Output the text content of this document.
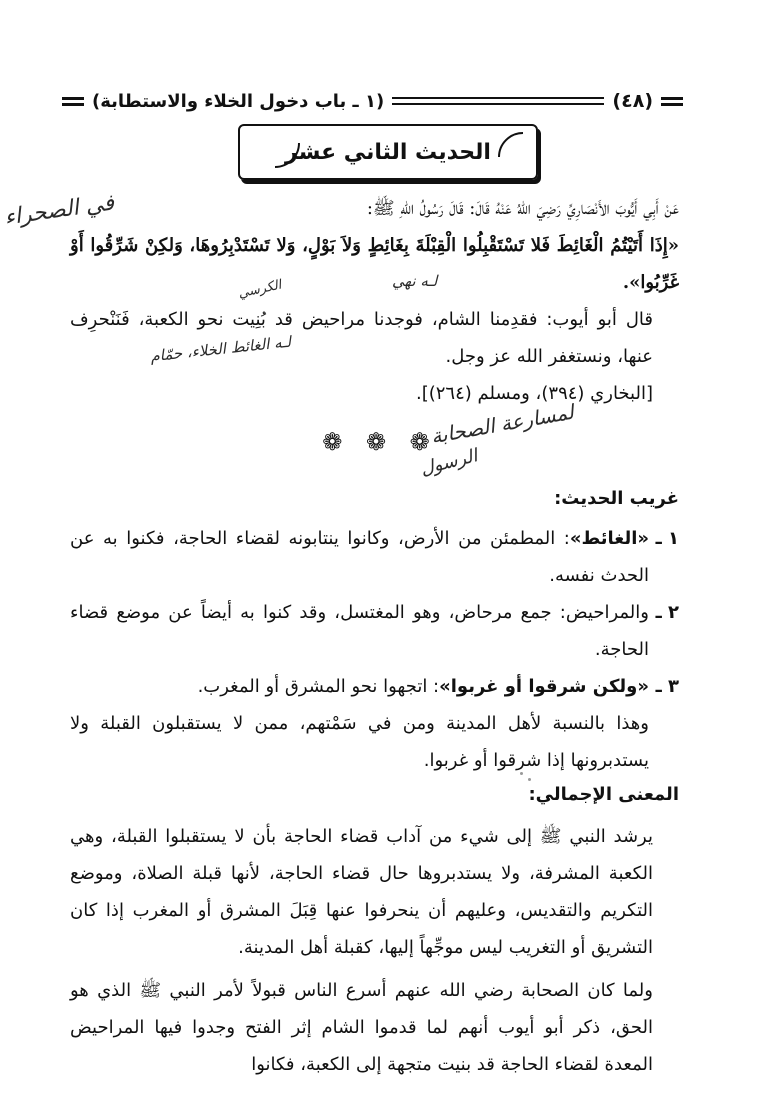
(٤٨)
(١ ـ باب دخول الخلاء والاستطابة)
الحديث الثاني عشر
عَنْ أَبِي أَيُّوبَ الأَنْصَارِيِّ رَضِيَ اللهُ عَنْهُ قَالَ: قَالَ رَسُولُ اللهِ ﷺ:
«إِذَا أَتَيْتُمُ الْغَائِطَ فَلا تَسْتَقْبِلُوا الْقِبْلَةَ بِغَائِطٍ وَلاَ بَوْلٍ، وَلا تَسْتَدْبِرُوهَا، وَلكِنْ شَرِّقُوا أَوْ غَرِّبُوا».
قال أبو أيوب: فقدِمنا الشام، فوجدنا مراحيض قد بُنِيت نحو الكعبة، فَنَنْحرِف عنها، ونستغفر الله عز وجل.
[البخاري (٣٩٤)، ومسلم (٢٦٤)].
❁ ❁ ❁
غريب الحديث:
١ ـ
«الغائط»: المطمئن من الأرض، وكانوا ينتابونه لقضاء الحاجة، فكنوا به عن الحدث نفسه.
٢ ـ
والمراحيض: جمع مرحاض، وهو المغتسل، وقد كنوا به أيضاً عن موضع قضاء الحاجة.
٣ ـ
«ولكن شرقوا أو غربوا»: اتجهوا نحو المشرق أو المغرب.
وهذا بالنسبة لأهل المدينة ومن في سَمْتهم، ممن لا يستقبلون القبلة ولا يستدبرونها إذا شرقوا أو غربوا.
المعنى الإجمالي:
يرشد النبي ﷺ إلى شيء من آداب قضاء الحاجة بأن لا يستقبلوا القبلة، وهي الكعبة المشرفة، ولا يستدبروها حال قضاء الحاجة، لأنها قبلة الصلاة، وموضع التكريم والتقديس، وعليهم أن ينحرفوا عنها قِبَلَ المشرق أو المغرب إذا كان التشريق أو التغريب ليس موجِّهاً إليها، كقبلة أهل المدينة.
ولما كان الصحابة رضي الله عنهم أسرع الناس قبولاً لأمر النبي ﷺ الذي هو الحق، ذكر أبو أيوب أنهم لما قدموا الشام إثر الفتح وجدوا فيها المراحيض المعدة لقضاء الحاجة قد بنيت متجهة إلى الكعبة، فكانوا
في الصحراء
لـه نهي
الكرسي
لـه الغائط الخلاء، حمّام
لمسارعة الصحابة
الرسول
